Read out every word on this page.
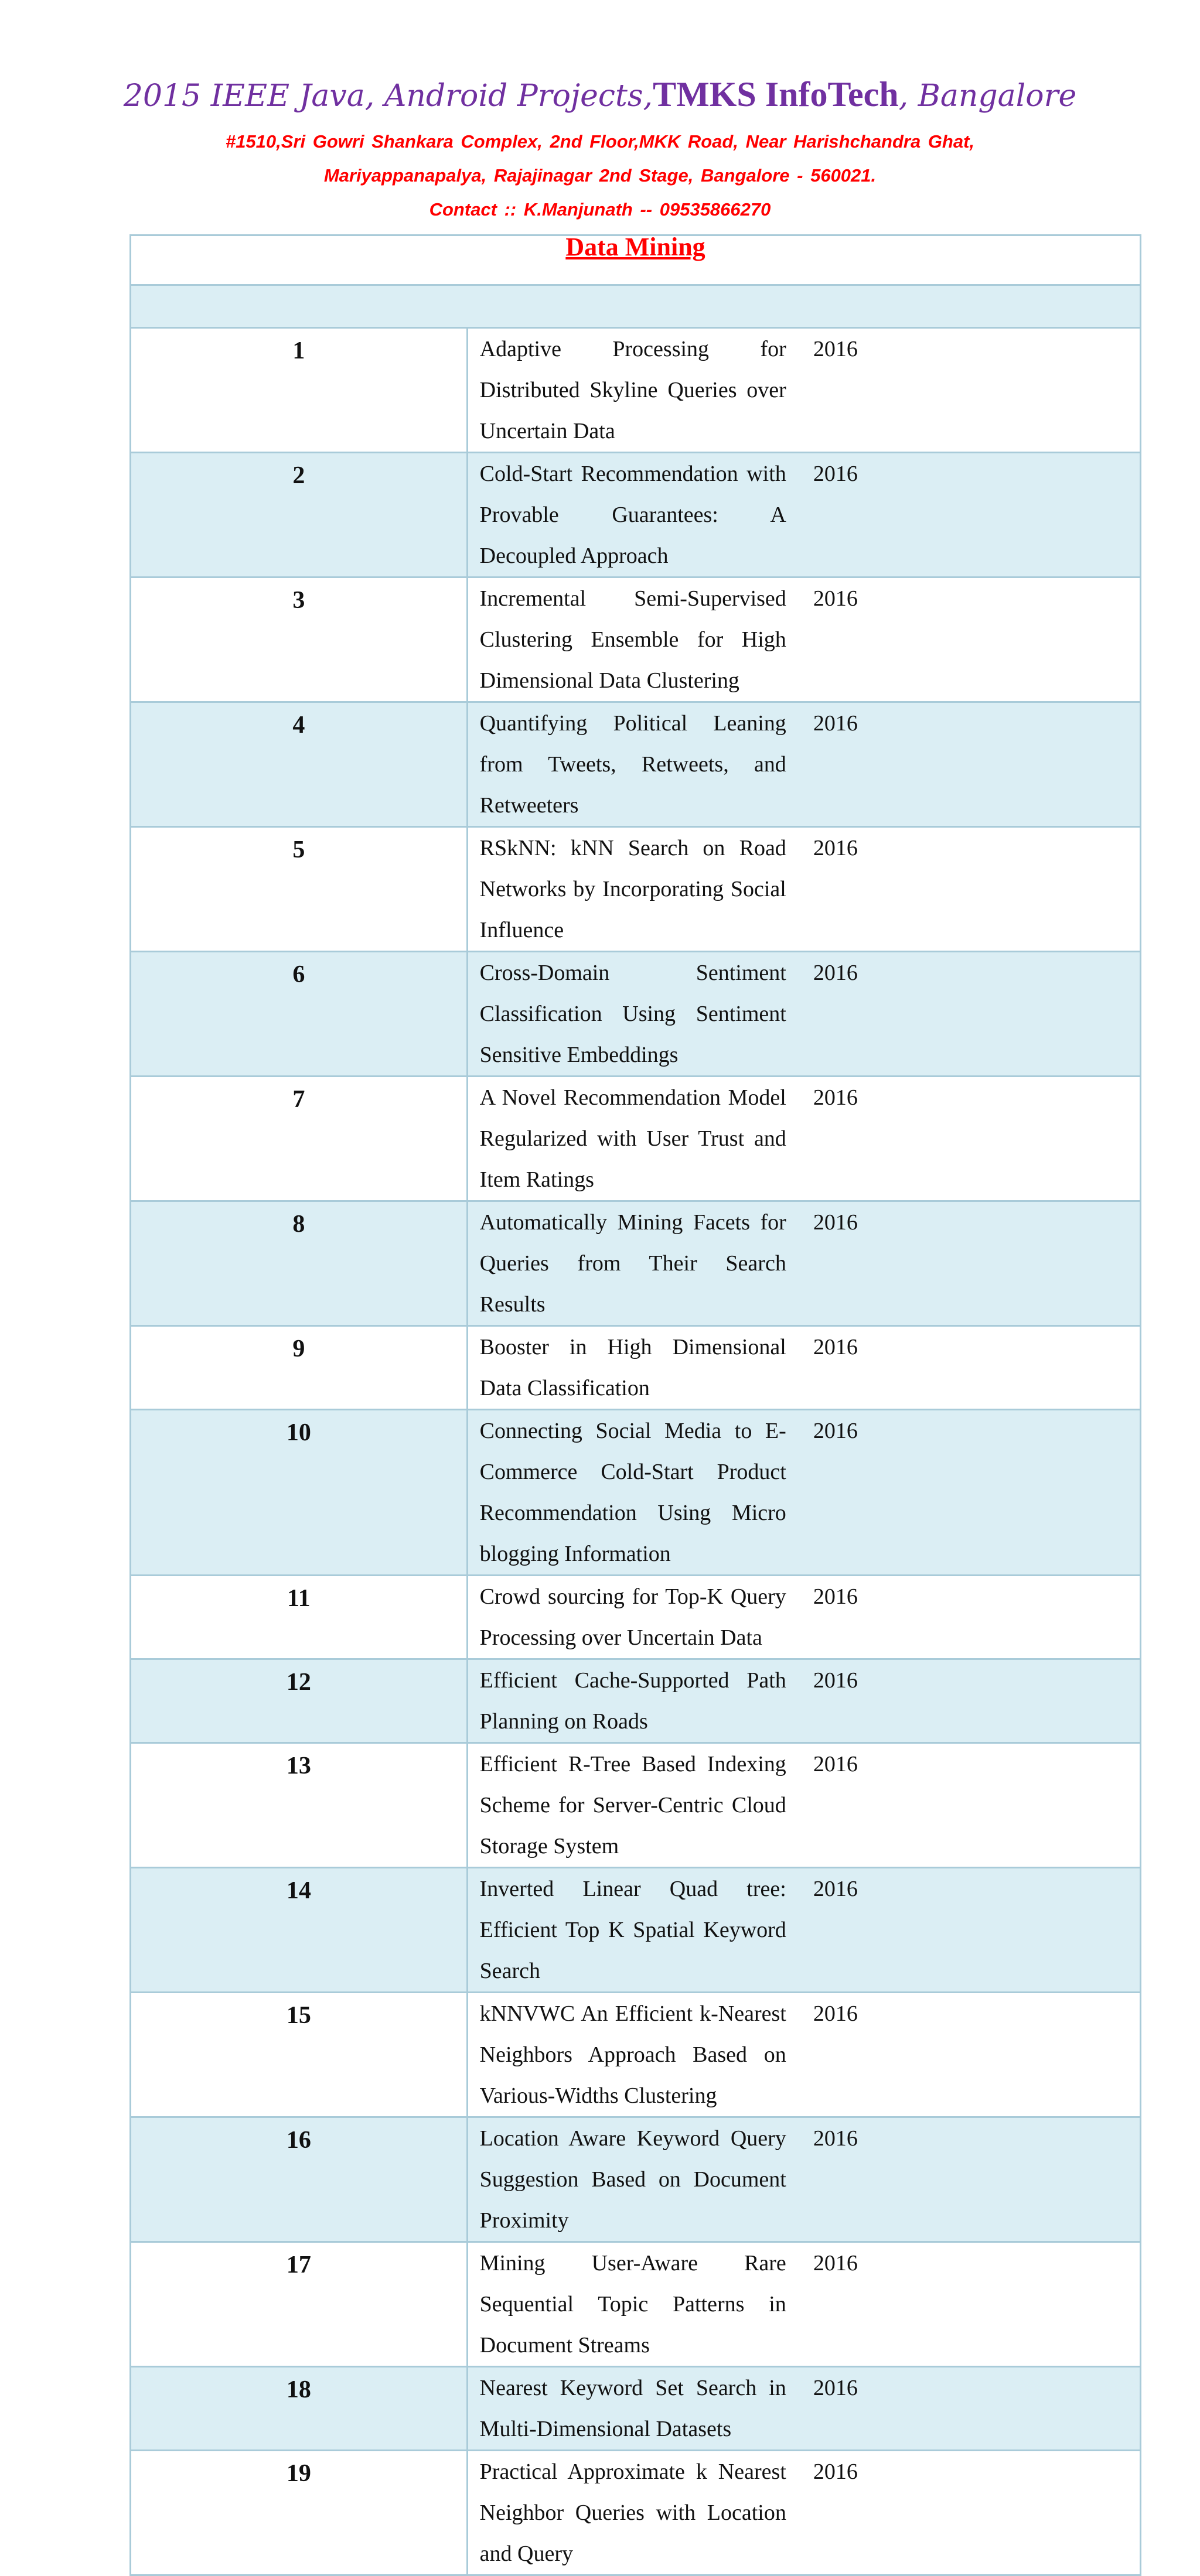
2015 IEEE Java, Android Projects,TMKS InfoTech, Bangalore
#1510,Sri Gowri Shankara Complex, 2nd Floor,MKK Road, Near Harishchandra Ghat,
Mariyappanapalya, Rajajinagar 2nd Stage, Bangalore - 560021.
Contact :: K.Manjunath -- 09535866270
Data Mining		

1	Adaptive Processing for Distributed Skyline Queries over Uncertain Data	2016
2	Cold-Start Recommendation with Provable Guarantees: A Decoupled Approach	2016
3	Incremental Semi-Supervised Clustering Ensemble for High Dimensional Data Clustering	2016
4	Quantifying Political Leaning from Tweets, Retweets, and Retweeters	2016
5	RSkNN: kNN Search on Road Networks by Incorporating Social Influence	2016
6	Cross-Domain Sentiment Classification Using Sentiment Sensitive Embeddings	2016
7	A Novel Recommendation Model Regularized with User Trust and Item Ratings	2016
8	Automatically Mining Facets for Queries from Their Search Results	2016
9	Booster in High Dimensional Data Classification	2016
10	Connecting Social Media to E-Commerce Cold-Start Product Recommendation Using Micro blogging Information	2016
11	Crowd sourcing for Top-K Query Processing over Uncertain Data	2016
12	Efficient Cache-Supported Path Planning on Roads	2016
13	Efficient R-Tree Based Indexing Scheme for Server-Centric Cloud Storage System	2016
14	Inverted Linear Quad tree: Efficient Top K Spatial Keyword Search	2016
15	kNNVWC An Efficient k-Nearest Neighbors Approach Based on Various-Widths Clustering	2016
16	Location Aware Keyword Query Suggestion Based on Document Proximity	2016
17	Mining User-Aware Rare Sequential Topic Patterns in Document Streams	2016
18	Nearest Keyword Set Search in Multi-Dimensional Datasets	2016
19	Practical Approximate k Nearest Neighbor Queries with Location and Query	2016
